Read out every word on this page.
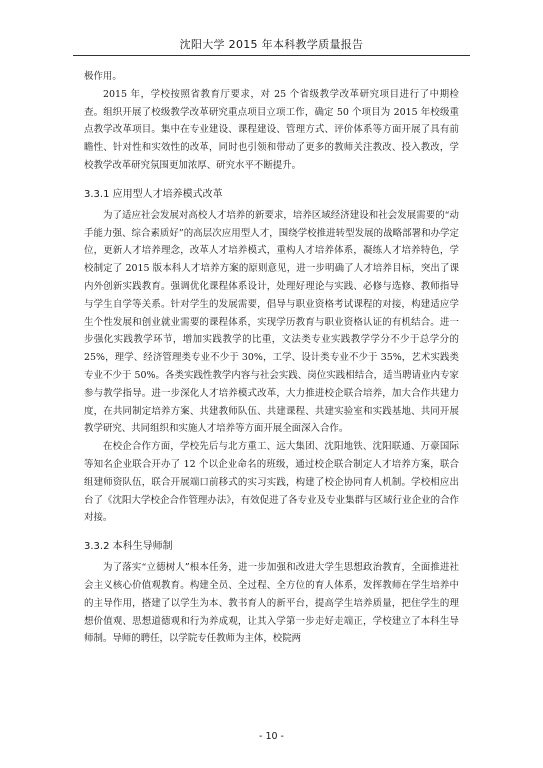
沈阳大学 2015 年本科教学质量报告

极作用。

2015 年，学校按照省教育厅要求，对 25 个省级教学改革研究项目进行了中期检查。组织开展了校级教学改革研究重点项目立项工作，确定 50 个项目为 2015 年校级重点教学改革项目。集中在专业建设、课程建设、管理方式、评价体系等方面开展了具有前瞻性、针对性和实效性的改革，同时也引领和带动了更多的教师关注教改、投入教改，学校教学改革研究氛围更加浓厚、研究水平不断提升。

3.3.1 应用型人才培养模式改革

为了适应社会发展对高校人才培养的新要求，培养区域经济建设和社会发展需要的“动手能力强、综合素质好”的高层次应用型人才，围绕学校推进转型发展的战略部署和办学定位，更新人才培养理念，改革人才培养模式，重构人才培养体系，凝练人才培养特色，学校制定了 2015 版本科人才培养方案的原则意见，进一步明确了人才培养目标，突出了课内外创新实践教育。强调优化课程体系设计，处理好理论与实践、必修与选修、教师指导与学生自学等关系。针对学生的发展需要，倡导与职业资格考试课程的对接，构建适应学生个性发展和创业就业需要的课程体系，实现学历教育与职业资格认证的有机结合。进一步强化实践教学环节，增加实践教学的比重，文法类专业实践教学学分不少于总学分的 25%，理学、经济管理类专业不少于 30%，工学、设计类专业不少于 35%，艺术实践类专业不少于 50%。各类实践性教学内容与社会实践、岗位实践相结合，适当聘请业内专家参与教学指导。进一步深化人才培养模式改革，大力推进校企联合培养，加大合作共建力度，在共同制定培养方案、共建教师队伍、共建课程、共建实验室和实践基地、共同开展教学研究、共同组织和实施人才培养等方面开展全面深入合作。

在校企合作方面，学校先后与北方重工、远大集团、沈阳地铁、沈阳联通、万豪国际等知名企业联合开办了 12 个以企业命名的班级，通过校企联合制定人才培养方案，联合组建师资队伍，联合开展端口前移式的实习实践，构建了校企协同育人机制。学校相应出台了《沈阳大学校企合作管理办法》，有效促进了各专业及专业集群与区域行业企业的合作对接。

3.3.2 本科生导师制

为了落实“立德树人”根本任务，进一步加强和改进大学生思想政治教育，全面推进社会主义核心价值观教育。构建全员、全过程、全方位的育人体系，发挥教师在学生培养中的主导作用，搭建了以学生为本、教书育人的新平台，提高学生培养质量，把住学生的理想价值观、思想道德观和行为养成观，让其入学第一步走好走端正，学校建立了本科生导师制。导师的聘任，以学院专任教师为主体，校院两

- 10 -
